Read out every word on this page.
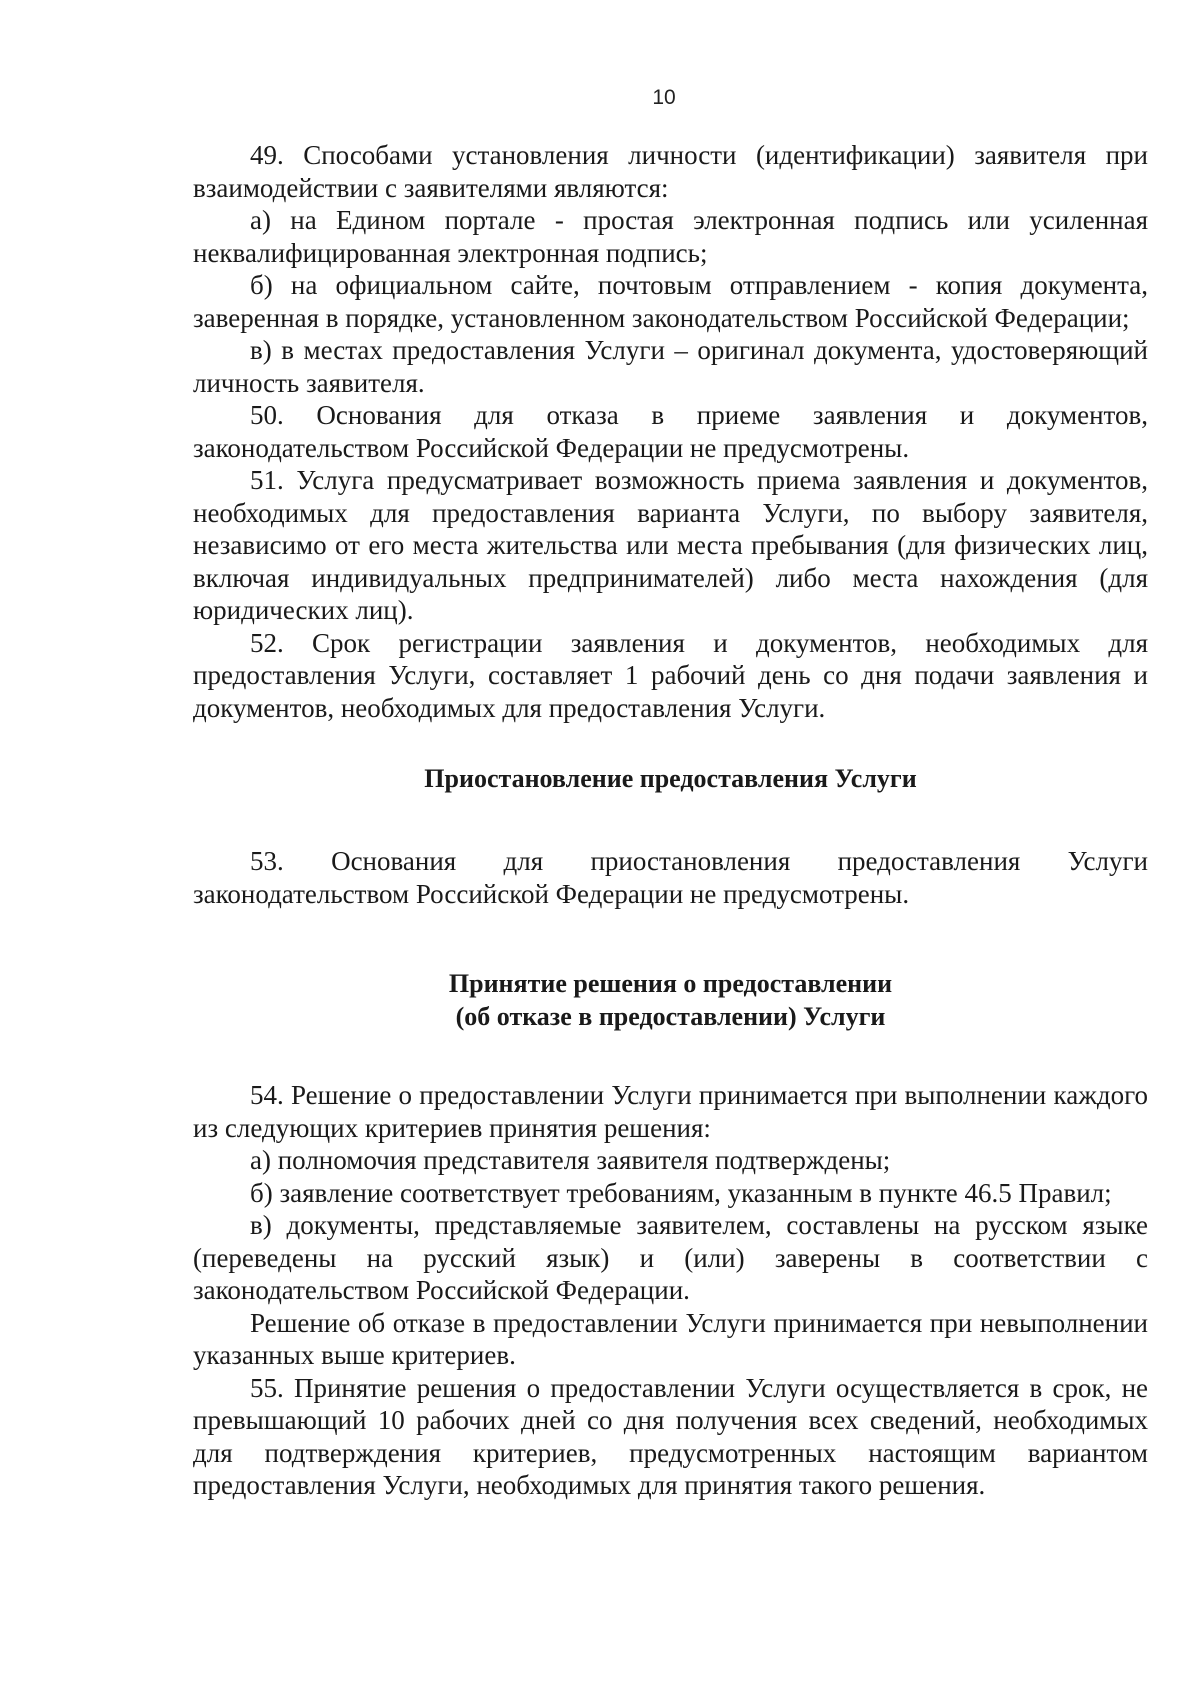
10

49. Способами установления личности (идентификации) заявителя при взаимодействии с заявителями являются:

а) на Едином портале - простая электронная подпись или усиленная неквалифицированная электронная подпись;

б) на официальном сайте, почтовым отправлением - копия документа, заверенная в порядке, установленном законодательством Российской Федерации;

в) в местах предоставления Услуги – оригинал документа, удостоверяющий личность заявителя.

50. Основания для отказа в приеме заявления и документов, законодательством Российской Федерации не предусмотрены.

51. Услуга предусматривает возможность приема заявления и документов, необходимых для предоставления варианта Услуги, по выбору заявителя, независимо от его места жительства или места пребывания (для физических лиц, включая индивидуальных предпринимателей) либо места нахождения (для юридических лиц).

52. Срок регистрации заявления и документов, необходимых для предоставления Услуги, составляет 1 рабочий день со дня подачи заявления и документов, необходимых для предоставления Услуги.

Приостановление предоставления Услуги

53. Основания для приостановления предоставления Услуги законодательством Российской Федерации не предусмотрены.

Принятие решения о предоставлении

(об отказе в предоставлении) Услуги

54. Решение о предоставлении Услуги принимается при выполнении каждого из следующих критериев принятия решения:

а) полномочия представителя заявителя подтверждены;

б) заявление соответствует требованиям, указанным в пункте 46.5 Правил;

в) документы, представляемые заявителем, составлены на русском языке (переведены на русский язык) и (или) заверены в соответствии с законодательством Российской Федерации.

Решение об отказе в предоставлении Услуги принимается при невыполнении указанных выше критериев.

55. Принятие решения о предоставлении Услуги осуществляется в срок, не превышающий 10 рабочих дней со дня получения всех сведений, необходимых для подтверждения критериев, предусмотренных настоящим вариантом предоставления Услуги, необходимых для принятия такого решения.
